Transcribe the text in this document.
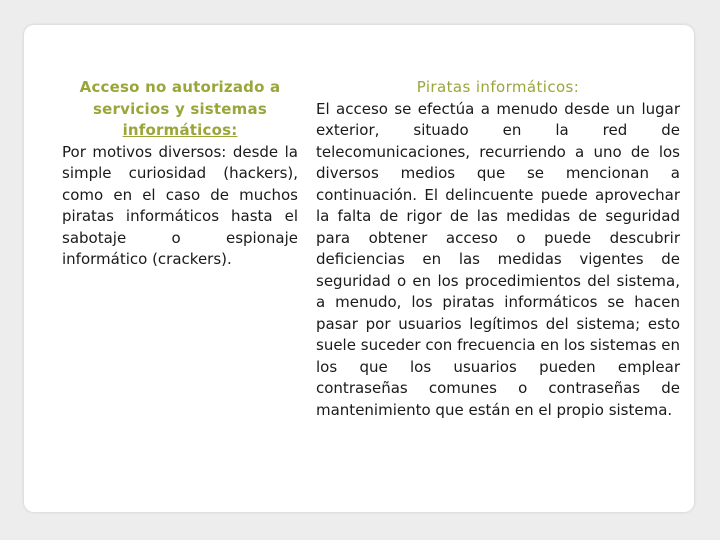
Acceso no autorizado a
servicios y sistemas
informáticos:
Por motivos diversos: desde la simple curiosidad (hackers), como en el caso de muchos piratas informáticos hasta el sabotaje o espionaje informático (crackers).
Piratas informáticos:
El acceso se efectúa a menudo desde un lugar exterior, situado en la red de telecomunicaciones, recurriendo a uno de los diversos medios que se mencionan a continuación. El delincuente puede aprovechar la falta de rigor de las medidas de seguridad para obtener acceso o puede descubrir deficiencias en las medidas vigentes de seguridad o en los procedimientos del sistema, a menudo, los piratas informáticos se hacen pasar por usuarios legítimos del sistema; esto suele suceder con frecuencia en los sistemas en los que los usuarios pueden emplear contraseñas comunes o contraseñas de mantenimiento que están en el propio sistema.
